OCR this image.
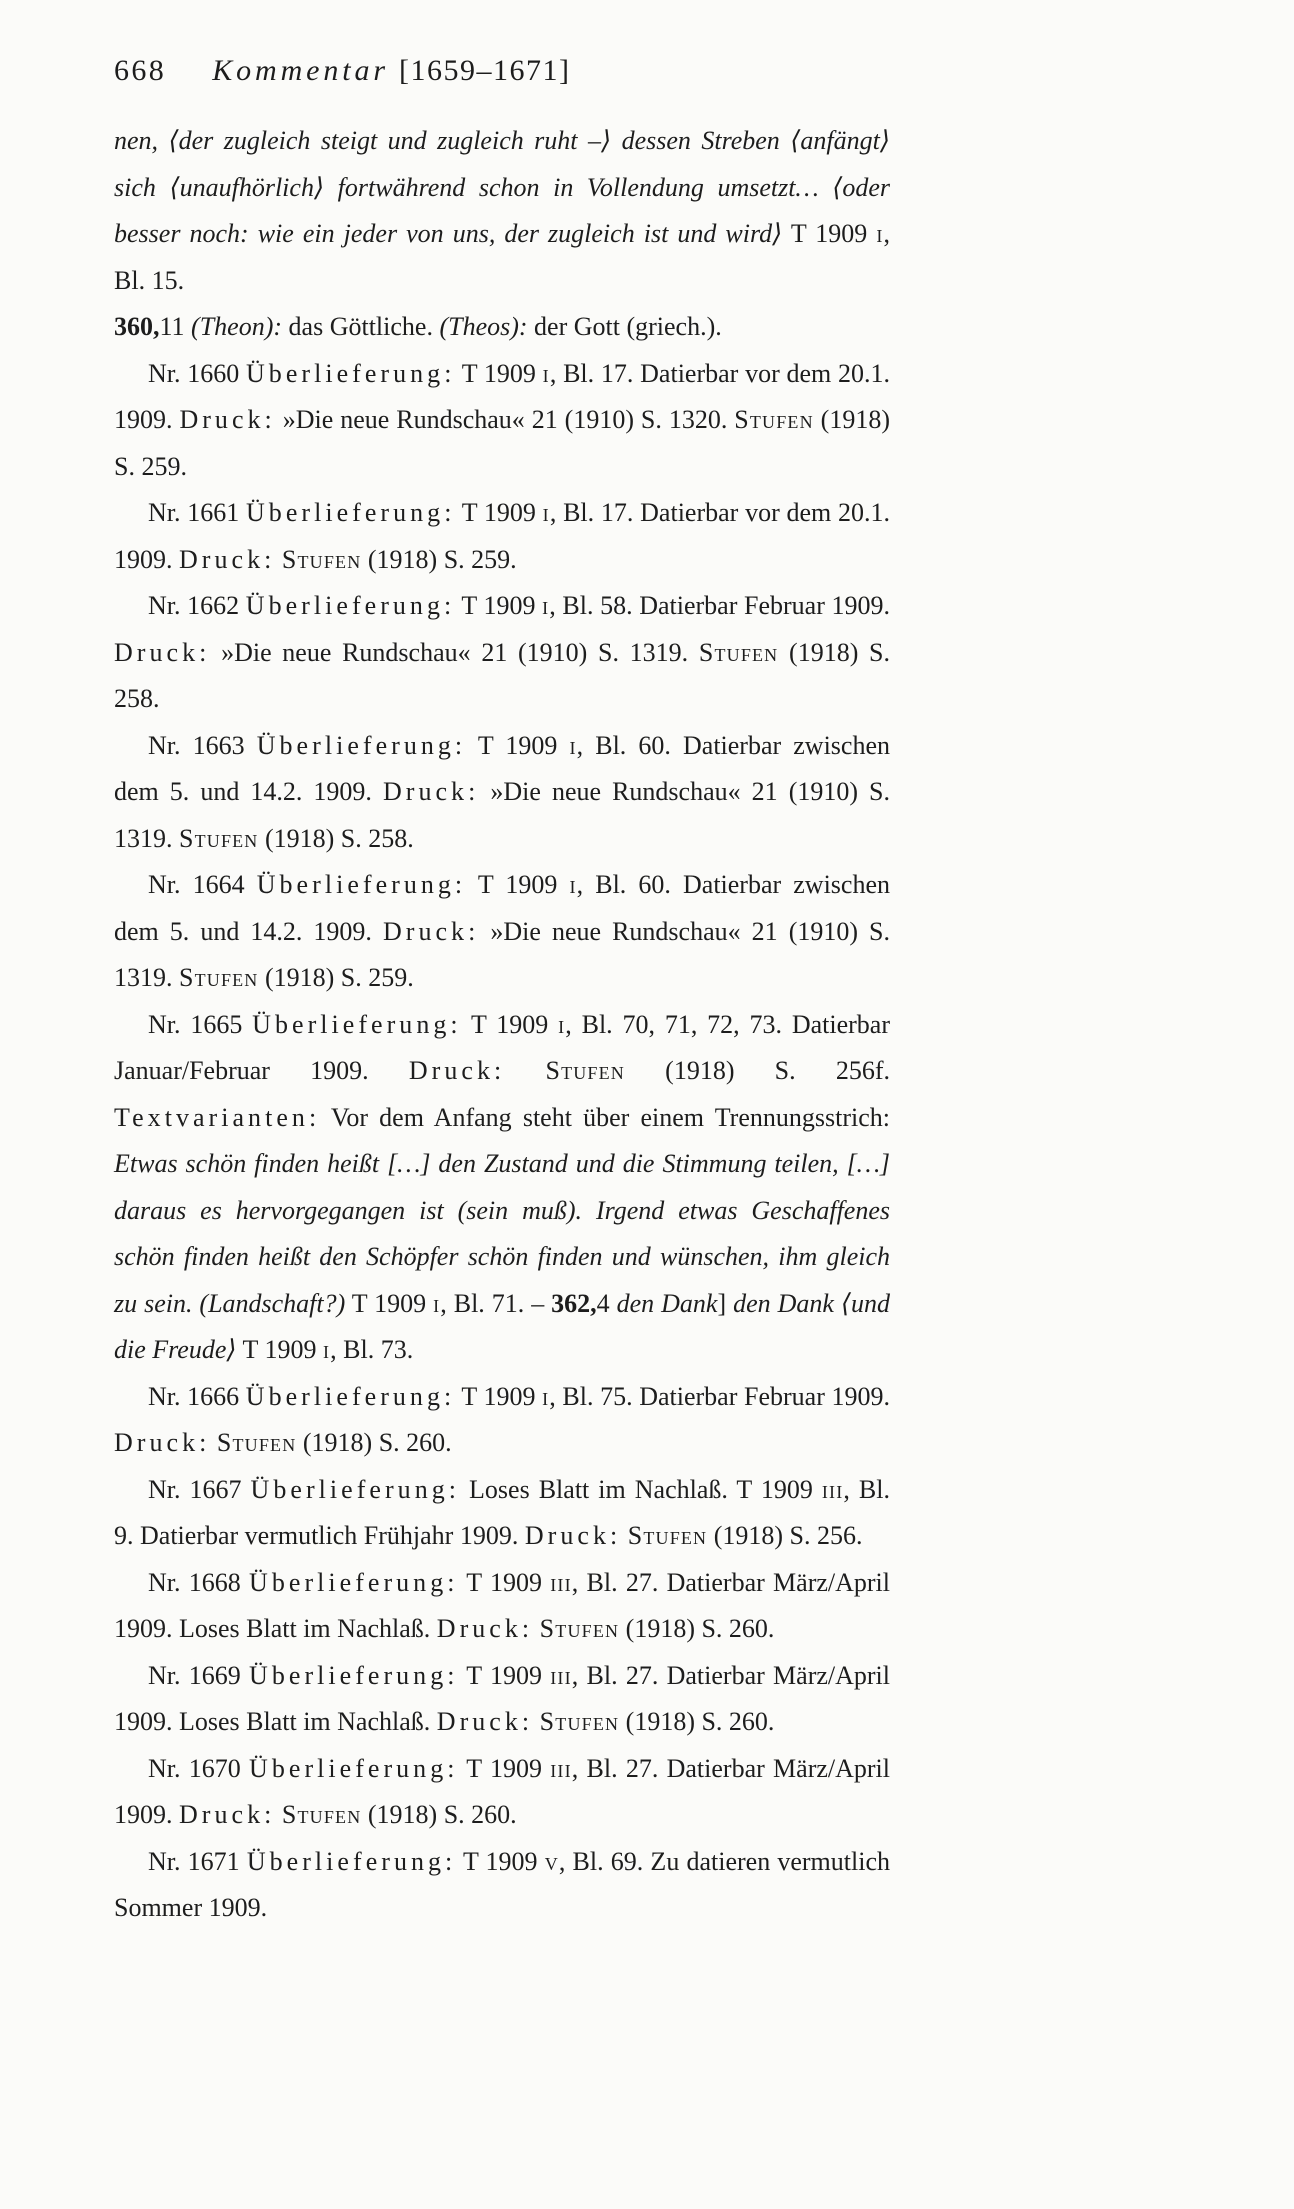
668 Kommentar [1659–1671]

nen, ⟨der zugleich steigt und zugleich ruht –⟩ dessen Streben ⟨anfängt⟩ sich ⟨unaufhörlich⟩ fortwährend schon in Vollendung umsetzt… ⟨oder besser noch: wie ein jeder von uns, der zugleich ist und wird⟩ T 1909 i, Bl. 15.

360,11 (Theon): das Göttliche. (Theos): der Gott (griech.).

Nr. 1660 Überlieferung: T 1909 i, Bl. 17. Datierbar vor dem 20.1. 1909. Druck: »Die neue Rundschau« 21 (1910) S. 1320. Stufen (1918) S. 259.

Nr. 1661 Überlieferung: T 1909 i, Bl. 17. Datierbar vor dem 20.1. 1909. Druck: Stufen (1918) S. 259.

Nr. 1662 Überlieferung: T 1909 i, Bl. 58. Datierbar Februar 1909. Druck: »Die neue Rundschau« 21 (1910) S. 1319. Stufen (1918) S. 258.

Nr. 1663 Überlieferung: T 1909 i, Bl. 60. Datierbar zwischen dem 5. und 14.2. 1909. Druck: »Die neue Rundschau« 21 (1910) S. 1319. Stufen (1918) S. 258.

Nr. 1664 Überlieferung: T 1909 i, Bl. 60. Datierbar zwischen dem 5. und 14.2. 1909. Druck: »Die neue Rundschau« 21 (1910) S. 1319. Stufen (1918) S. 259.

Nr. 1665 Überlieferung: T 1909 i, Bl. 70, 71, 72, 73. Datierbar Januar/Februar 1909. Druck: Stufen (1918) S. 256f. Textvarianten: Vor dem Anfang steht über einem Trennungsstrich: Etwas schön finden heißt […] den Zustand und die Stimmung teilen, […] daraus es hervorgegangen ist (sein muß). Irgend etwas Geschaffenes schön finden heißt den Schöpfer schön finden und wünschen, ihm gleich zu sein. (Landschaft?) T 1909 i, Bl. 71. – 362,4 den Dank] den Dank ⟨und die Freude⟩ T 1909 i, Bl. 73.

Nr. 1666 Überlieferung: T 1909 i, Bl. 75. Datierbar Februar 1909. Druck: Stufen (1918) S. 260.

Nr. 1667 Überlieferung: Loses Blatt im Nachlaß. T 1909 iii, Bl. 9. Datierbar vermutlich Frühjahr 1909. Druck: Stufen (1918) S. 256.

Nr. 1668 Überlieferung: T 1909 iii, Bl. 27. Datierbar März/April 1909. Loses Blatt im Nachlaß. Druck: Stufen (1918) S. 260.

Nr. 1669 Überlieferung: T 1909 iii, Bl. 27. Datierbar März/April 1909. Loses Blatt im Nachlaß. Druck: Stufen (1918) S. 260.

Nr. 1670 Überlieferung: T 1909 iii, Bl. 27. Datierbar März/April 1909. Druck: Stufen (1918) S. 260.

Nr. 1671 Überlieferung: T 1909 v, Bl. 69. Zu datieren vermutlich Sommer 1909.
